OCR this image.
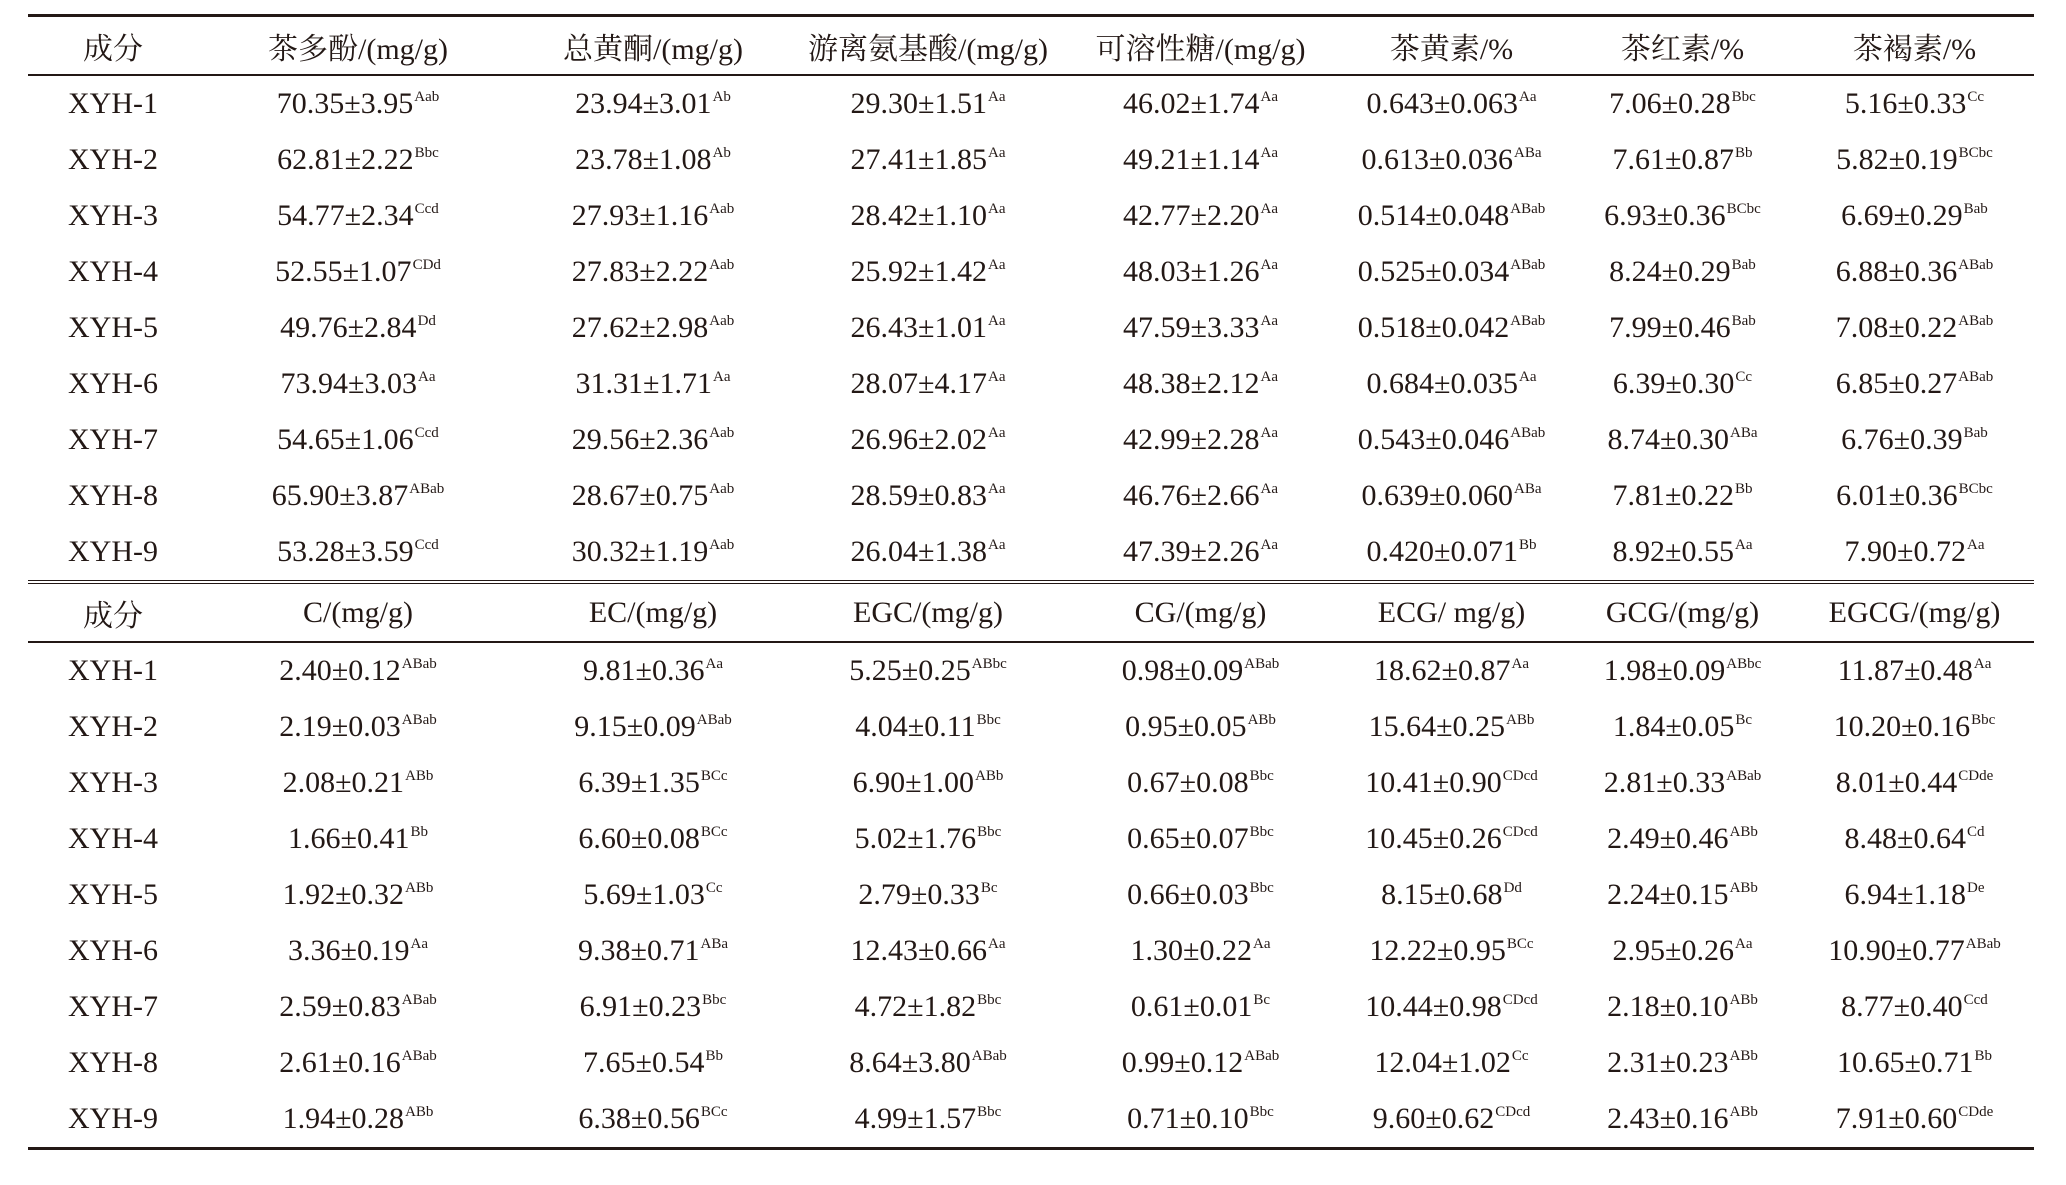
成分	茶多酚/(mg/g)	总黄酮/(mg/g)	游离氨基酸/(mg/g)	可溶性糖/(mg/g)	茶黄素/%	茶红素/%	茶褐素/%
XYH-1	$70.35\pm 3.95^{Aab}$	$23.94\pm 3.01^{Ab}$	$29.30\pm 1.51^{Aa}$	$46.02\pm 1.74^{Aa}$	$0.643\pm 0.063^{Aa}$	$7.06\pm 0.28^{Bbc}$	$5.16\pm 0.33^{Cc}$
XYH-2	$62.81\pm 2.22^{Bbc}$	$23.78\pm 1.08^{Ab}$	$27.41\pm 1.85^{Aa}$	$49.21\pm 1.14^{Aa}$	$0.613\pm 0.036^{ABa}$	$7.61\pm 0.87^{Bb}$	$5.82\pm 0.19^{BCbc}$
XYH-3	$54.77\pm 2.34^{Ccd}$	$27.93\pm 1.16^{Aab}$	$28.42\pm 1.10^{Aa}$	$42.77\pm 2.20^{Aa}$	$0.514\pm 0.048^{ABab}$	$6.93\pm 0.36^{BCbc}$	$6.69\pm 0.29^{Bab}$
XYH-4	$52.55\pm 1.07^{CDd}$	$27.83\pm 2.22^{Aab}$	$25.92\pm 1.42^{Aa}$	$48.03\pm 1.26^{Aa}$	$0.525\pm 0.034^{ABab}$	$8.24\pm 0.29^{Bab}$	$6.88\pm 0.36^{ABab}$
XYH-5	$49.76\pm 2.84^{Dd}$	$27.62\pm 2.98^{Aab}$	$26.43\pm 1.01^{Aa}$	$47.59\pm 3.33^{Aa}$	$0.518\pm 0.042^{ABab}$	$7.99\pm 0.46^{Bab}$	$7.08\pm 0.22^{ABab}$
XYH-6	$73.94\pm 3.03^{Aa}$	$31.31\pm 1.71^{Aa}$	$28.07\pm 4.17^{Aa}$	$48.38\pm 2.12^{Aa}$	$0.684\pm 0.035^{Aa}$	$6.39\pm 0.30^{Cc}$	$6.85\pm 0.27^{ABab}$
XYH-7	$54.65\pm 1.06^{Ccd}$	$29.56\pm 2.36^{Aab}$	$26.96\pm 2.02^{Aa}$	$42.99\pm 2.28^{Aa}$	$0.543\pm 0.046^{ABab}$	$8.74\pm 0.30^{ABa}$	$6.76\pm 0.39^{Bab}$
XYH-8	$65.90\pm 3.87^{ABab}$	$28.67\pm 0.75^{Aab}$	$28.59\pm 0.83^{Aa}$	$46.76\pm 2.66^{Aa}$	$0.639\pm 0.060^{ABa}$	$7.81\pm 0.22^{Bb}$	$6.01\pm 0.36^{BCbc}$
XYH-9	$53.28\pm 3.59^{Ccd}$	$30.32\pm 1.19^{Aab}$	$26.04\pm 1.38^{Aa}$	$47.39\pm 2.26^{Aa}$	$0.420\pm 0.071^{Bb}$	$8.92\pm 0.55^{Aa}$	$7.90\pm 0.72^{Aa}$
成分	C/(mg/g)	EC/(mg/g)	EGC/(mg/g)	CG/(mg/g)	ECG/ mg/g)	GCG/(mg/g)	EGCG/(mg/g)
XYH-1	$2.40\pm 0.12^{ABab}$	$9.81\pm 0.36^{Aa}$	$5.25\pm 0.25^{ABbc}$	$0.98\pm 0.09^{ABab}$	$18.62\pm 0.87^{Aa}$	$1.98\pm 0.09^{ABbc}$	$11.87\pm 0.48^{Aa}$
XYH-2	$2.19\pm 0.03^{ABab}$	$9.15\pm 0.09^{ABab}$	$4.04\pm 0.11^{Bbc}$	$0.95\pm 0.05^{ABb}$	$15.64\pm 0.25^{ABb}$	$1.84\pm 0.05^{Bc}$	$10.20\pm 0.16^{Bbc}$
XYH-3	$2.08\pm 0.21^{ABb}$	$6.39\pm 1.35^{BCc}$	$6.90\pm 1.00^{ABb}$	$0.67\pm 0.08^{Bbc}$	$10.41\pm 0.90^{CDcd}$	$2.81\pm 0.33^{ABab}$	$8.01\pm 0.44^{CDde}$
XYH-4	$1.66\pm 0.41^{Bb}$	$6.60\pm 0.08^{BCc}$	$5.02\pm 1.76^{Bbc}$	$0.65\pm 0.07^{Bbc}$	$10.45\pm 0.26^{CDcd}$	$2.49\pm 0.46^{ABb}$	$8.48\pm 0.64^{Cd}$
XYH-5	$1.92\pm 0.32^{ABb}$	$5.69\pm 1.03^{Cc}$	$2.79\pm 0.33^{Bc}$	$0.66\pm 0.03^{Bbc}$	$8.15\pm 0.68^{Dd}$	$2.24\pm 0.15^{ABb}$	6.94±1.18De
XYH-6	$3.36\pm 0.19^{Aa}$	$9.38\pm 0.71^{ABa}$	$12.43\pm 0.66^{Aa}$	$1.30\pm 0.22^{Aa}$	$12.22\pm 0.95^{BCc}$	$2.95\pm 0.26^{Aa}$	$10.90\pm 0.77^{ABab}$
XYH-7	$2.59\pm 0.83^{ABab}$	$6.91\pm 0.23^{Bbc}$	$4.72\pm 1.82^{Bbc}$	$0.61\pm 0.01^{Bc}$	$10.44\pm 0.98^{CDcd}$	$2.18\pm 0.10^{ABb}$	$8.77\pm 0.40^{Ccd}$
XYH-8	$2.61\pm 0.16^{ABab}$	$7.65\pm 0.54^{Bb}$	$8.64\pm 3.80^{ABab}$	$0.99\pm 0.12^{ABab}$	$12.04\pm 1.02^{Cc}$	$2.31\pm 0.23^{ABb}$	$10.65\pm 0.71^{Bb}$
XYH-9	$1.94\pm 0.28^{ABb}$	$6.38\pm 0.56^{BCc}$	$4.99\pm 1.57^{Bbc}$	$0.71\pm 0.10^{Bbc}$	$9.60\pm 0.62^{CDcd}$	$2.43\pm 0.16^{ABb}$	$7.91\pm 0.60^{CDde}$
